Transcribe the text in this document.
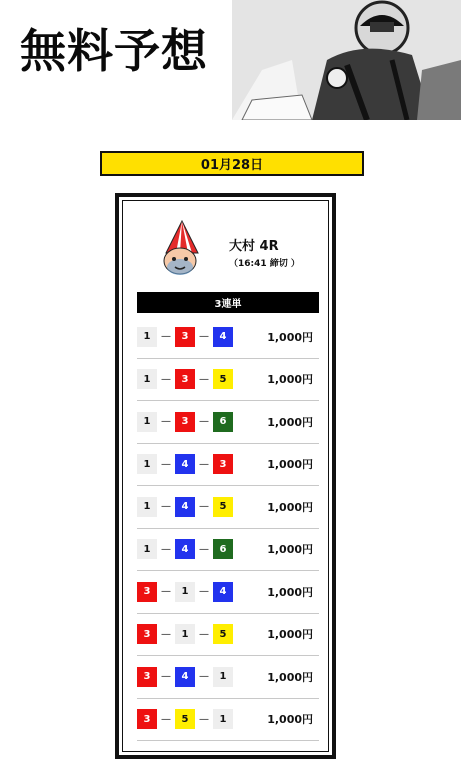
無料予想
01月28日
大村 4R
（16:41 締切 ）
3連単
1	—	3	—	4	1,000円
1	—	3	—	5	1,000円
1	—	3	—	6	1,000円
1	—	4	—	3	1,000円
1	—	4	—	5	1,000円
1	—	4	—	6	1,000円
3	—	1	—	4	1,000円
3	—	1	—	5	1,000円
3	—	4	—	1	1,000円
3	—	5	—	1	1,000円
